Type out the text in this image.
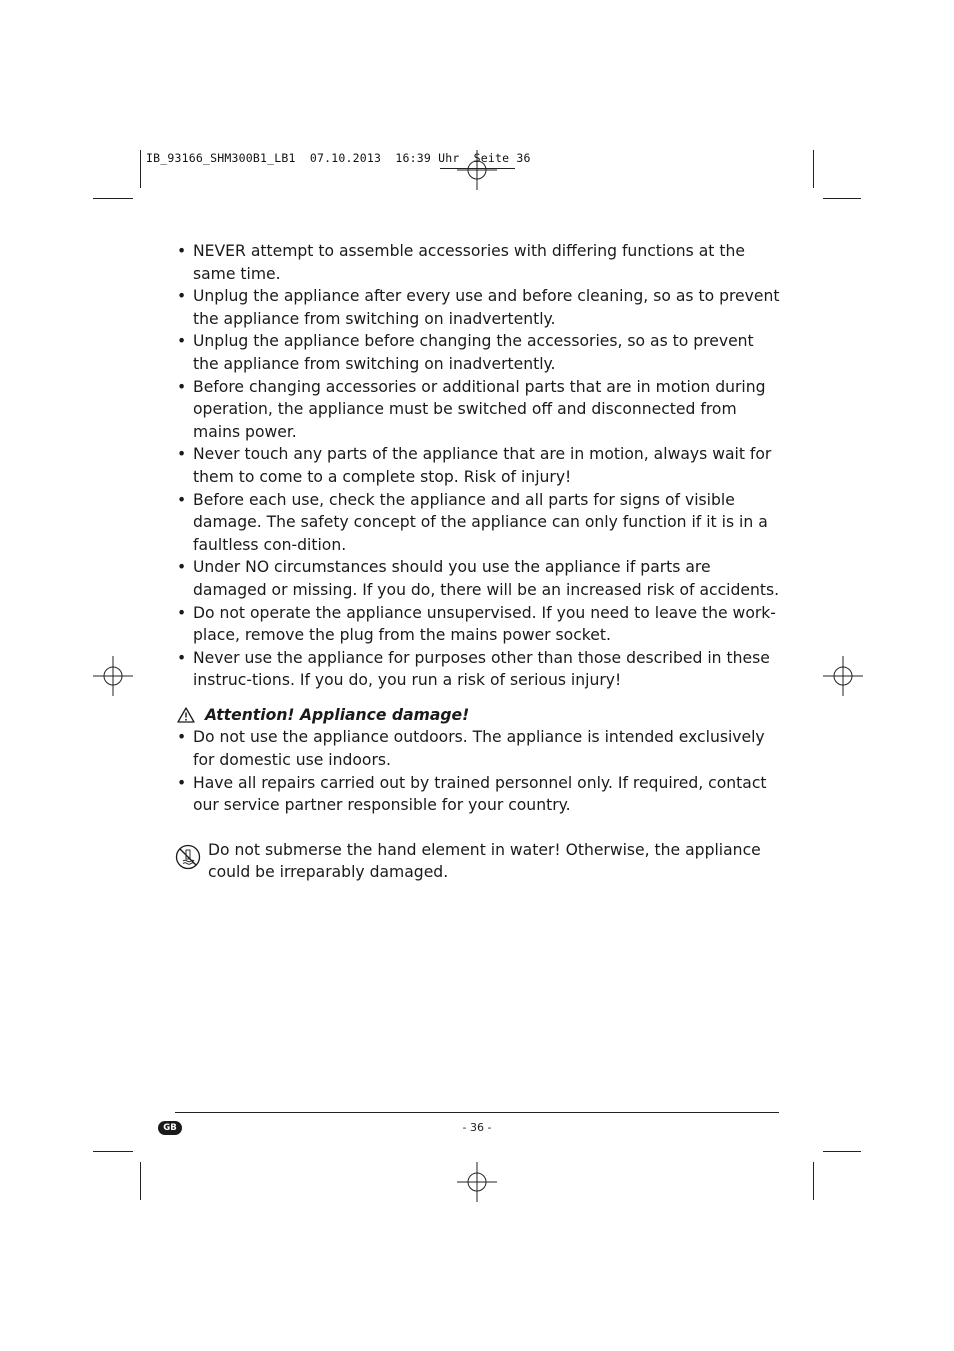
IB_93166_SHM300B1_LB1  07.10.2013  16:39 Uhr  Seite 36
• NEVER attempt to assemble accessories with differing functions at the same time.
• Unplug the appliance after every use and before cleaning, so as to prevent the appliance from switching on inadvertently.
• Unplug the appliance before changing the accessories, so as to prevent the appliance from switching on inadvertently.
• Before changing accessories or additional parts that are in motion during operation, the appliance must be switched off and disconnected from mains power.
• Never touch any parts of the appliance that are in motion, always wait for them to come to a complete stop. Risk of injury!
• Before each use, check the appliance and all parts for signs of visible damage. The safety concept of the appliance can only function if it is in a faultless con-dition.
• Under NO circumstances should you use the appliance if parts are damaged or missing. If you do, there will be an increased risk of accidents.
• Do not operate the appliance unsupervised. If you need to leave the work-place, remove the plug from the mains power socket.
• Never use the appliance for purposes other than those described in these instruc-tions. If you do, you run a risk of serious injury!
Attention! Appliance damage!
• Do not use the appliance outdoors. The appliance is intended exclusively for domestic use indoors.
• Have all repairs carried out by trained personnel only. If required, contact our service partner responsible for your country.
Do not submerse the hand element in water! Otherwise, the appliance could be irreparably damaged.
GB	- 36 -
